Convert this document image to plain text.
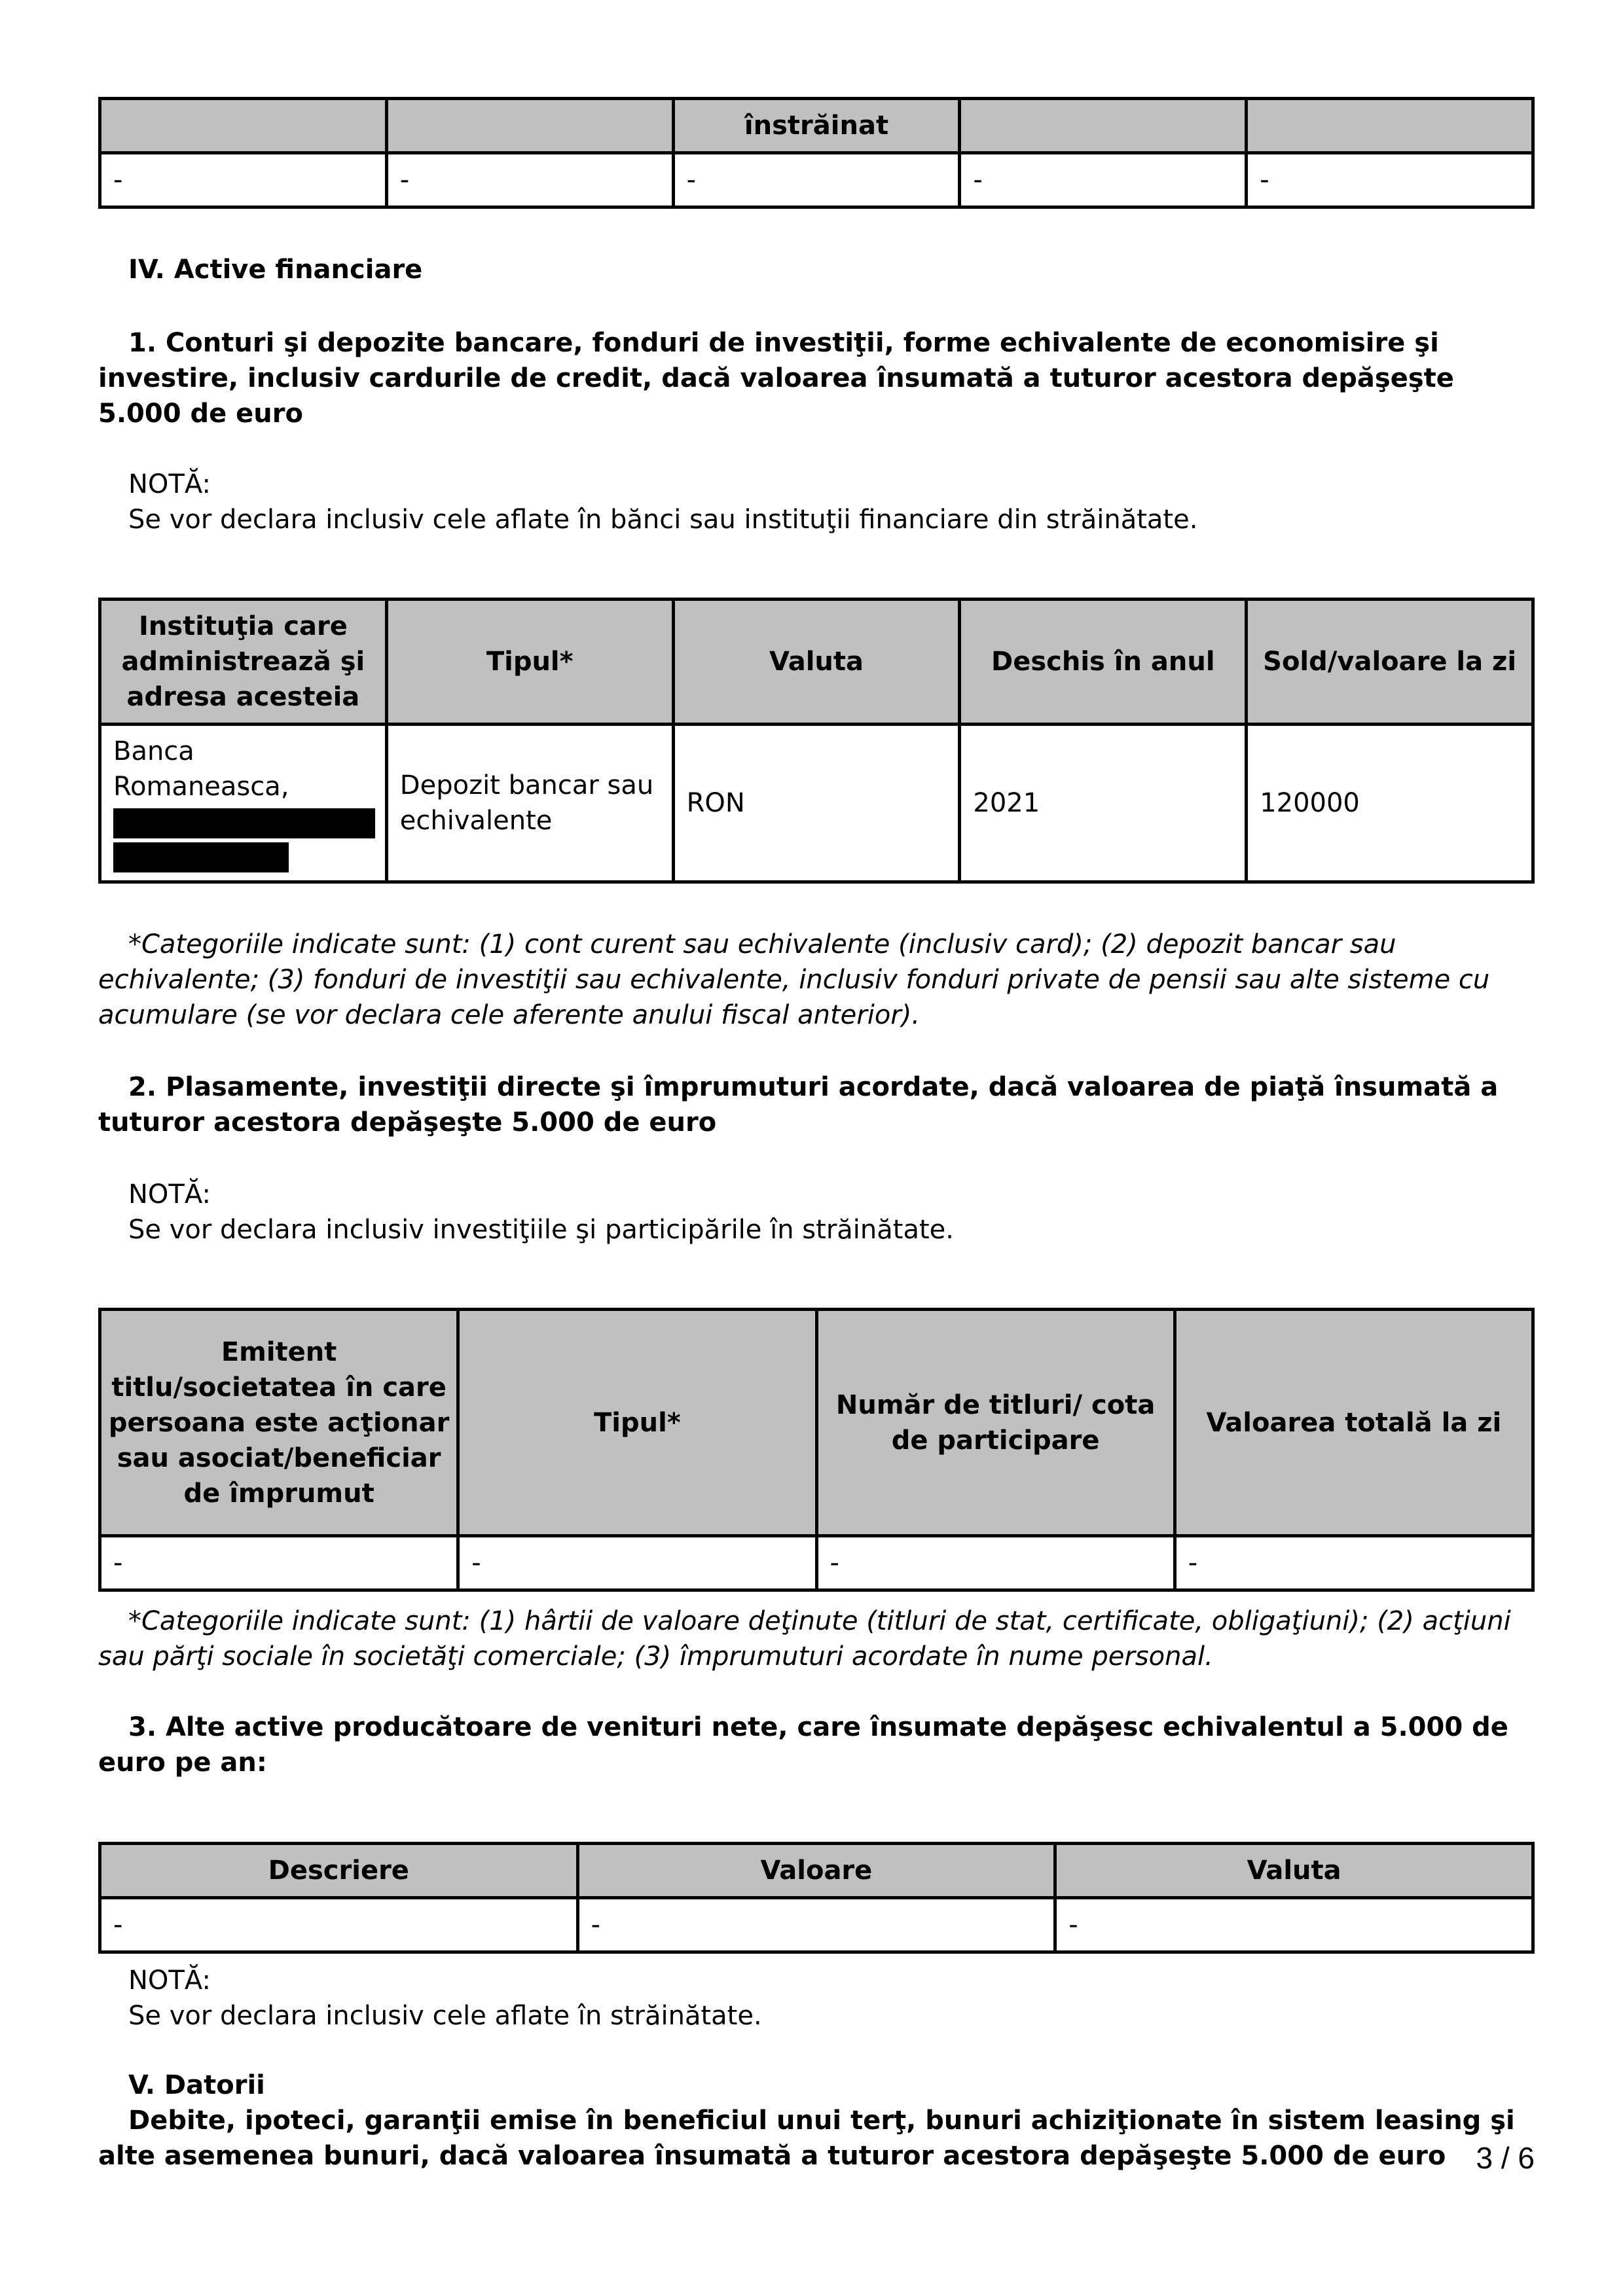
		înstrăinat		
-	-	-	-	-

IV. Active financiare

1. Conturi şi depozite bancare, fonduri de investiţii, forme echivalente de economisire şi investire, inclusiv cardurile de credit, dacă valoarea însumată a tuturor acestora depăşeşte 5.000 de euro

NOTĂ:

Se vor declara inclusiv cele aflate în bănci sau instituţii financiare din străinătate.

Instituţia care administrează şi adresa acesteia	Tipul*	Valuta	Deschis în anul	Sold/valoare la zi
Banca Romaneasca,	Depozit bancar sau echivalente	RON	2021	120000

*Categoriile indicate sunt: (1) cont curent sau echivalente (inclusiv card); (2) depozit bancar sau echivalente; (3) fonduri de investiţii sau echivalente, inclusiv fonduri private de pensii sau alte sisteme cu acumulare (se vor declara cele aferente anului fiscal anterior).

2. Plasamente, investiţii directe şi împrumuturi acordate, dacă valoarea de piaţă însumată a tuturor acestora depăşeşte 5.000 de euro

NOTĂ:

Se vor declara inclusiv investiţiile şi participările în străinătate.

Emitent titlu/societatea în care persoana este acţionar sau asociat/beneficiar de împrumut	Tipul*	Număr de titluri/ cota de participare	Valoarea totală la zi
-	-	-	-

*Categoriile indicate sunt: (1) hârtii de valoare deţinute (titluri de stat, certificate, obligaţiuni); (2) acţiuni sau părţi sociale în societăţi comerciale; (3) împrumuturi acordate în nume personal.

3. Alte active producătoare de venituri nete, care însumate depăşesc echivalentul a 5.000 de euro pe an:

Descriere	Valoare	Valuta
-	-	-

NOTĂ:

Se vor declara inclusiv cele aflate în străinătate.

V. Datorii

Debite, ipoteci, garanţii emise în beneficiul unui terţ, bunuri achiziţionate în sistem leasing şi alte asemenea bunuri, dacă valoarea însumată a tuturor acestora depăşeşte 5.000 de euro	3 / 6
